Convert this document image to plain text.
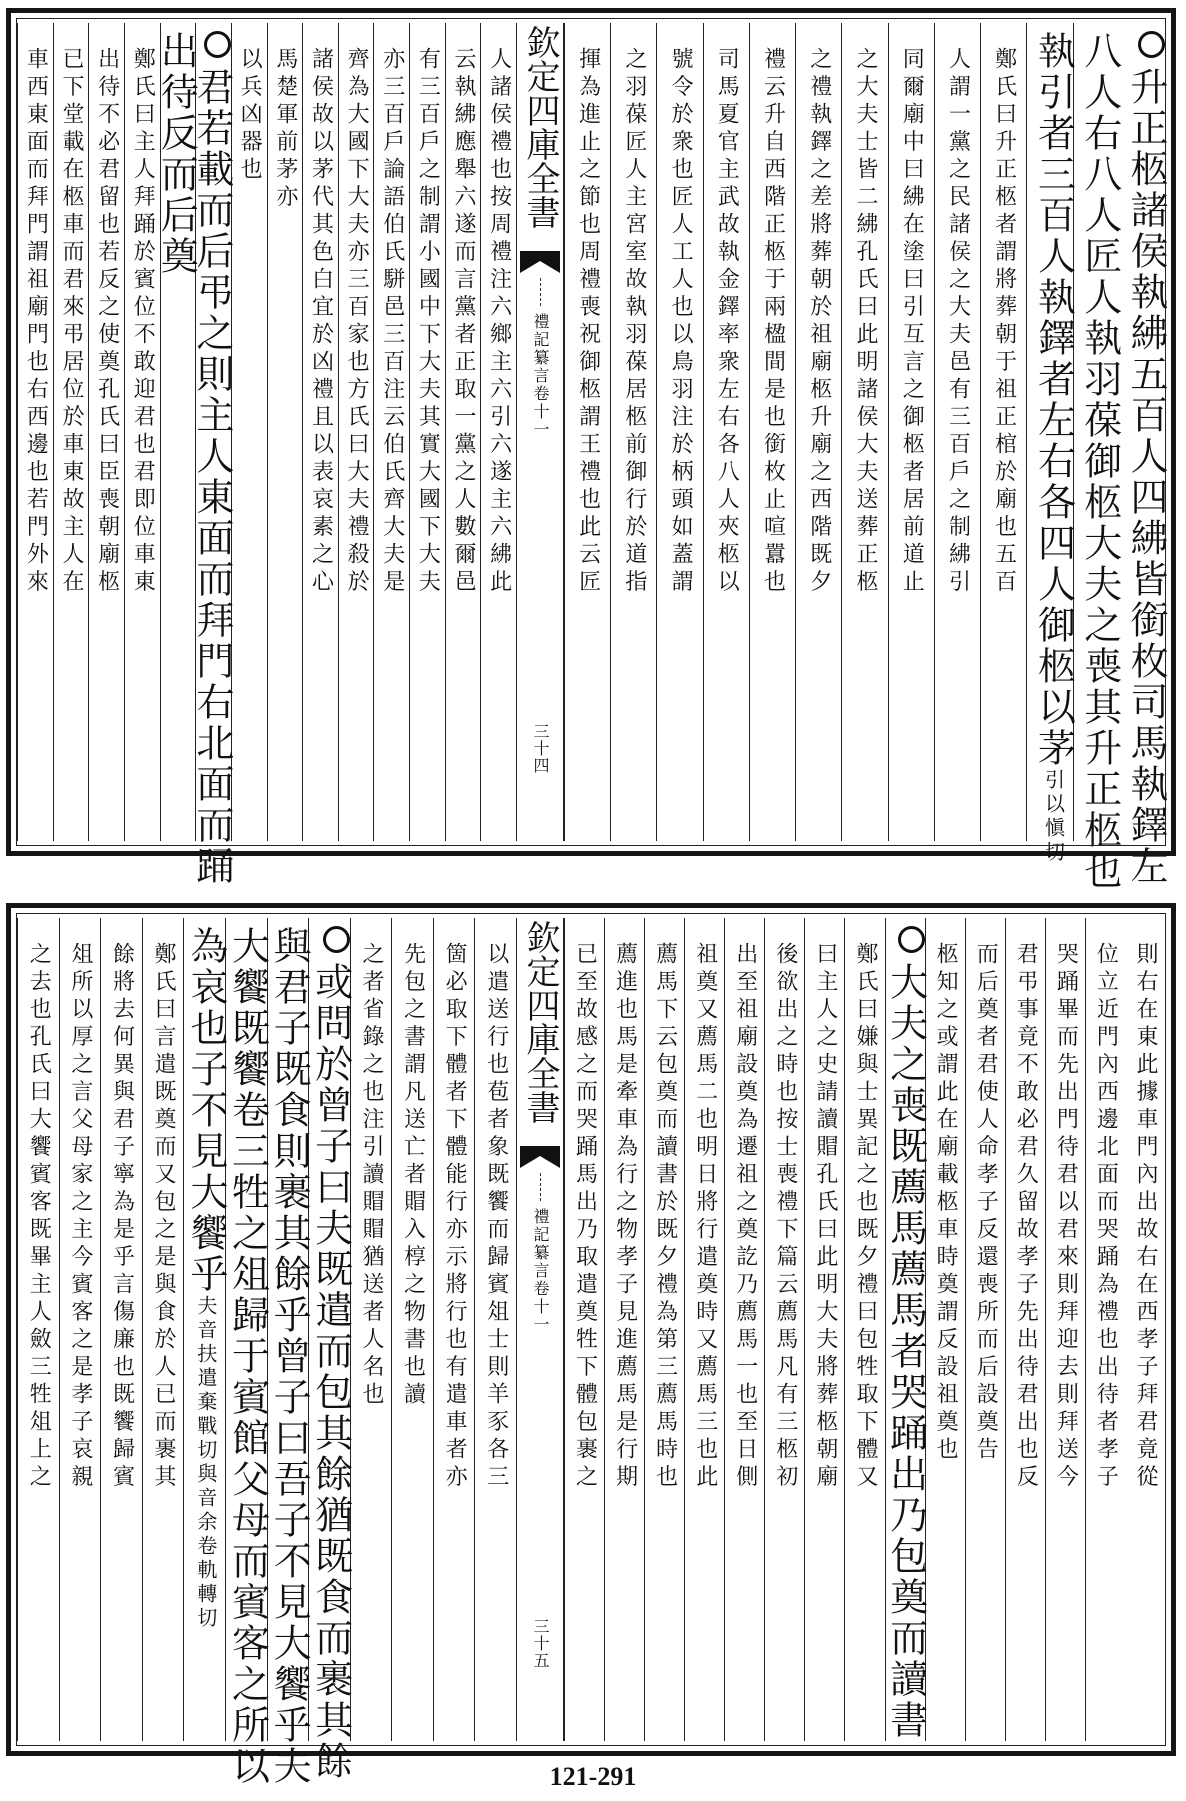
升正柩諸侯執紼五百人四紼皆銜枚司馬執鐸左
八人右八人匠人執羽葆御柩大夫之喪其升正柩也
執引者三百人執鐸者左右各四人御柩以茅引以愼切
鄭氏曰升正柩者謂將葬朝于祖正棺於廟也五百
人謂一黨之民諸侯之大夫邑有三百戶之制紼引
同爾廟中曰紼在塗曰引互言之御柩者居前道止
之大夫士皆二紼孔氏曰此明諸侯大夫送葬正柩
之禮執鐸之差將葬朝於祖廟柩升廟之西階既夕
禮云升自西階正柩于兩楹間是也銜枚止喧囂也
司馬夏官主武故執金鐸率衆左右各八人夾柩以
號令於衆也匠人工人也以鳥羽注於柄頭如蓋謂
之羽葆匠人主宮室故執羽葆居柩前御行於道指
揮為進止之節也周禮喪祝御柩謂王禮也此云匠
人諸侯禮也按周禮注六鄉主六引六遂主六紼此
云執紼應舉六遂而言黨者正取一黨之人數爾邑
有三百戶之制謂小國中下大夫其實大國下大夫
亦三百戶論語伯氏駢邑三百注云伯氏齊大夫是
齊為大國下大夫亦三百家也方氏曰大夫禮殺於
諸侯故以茅代其色白宜於凶禮且以表哀素之心
馬楚軍前茅亦
以兵凶器也
君若載而后弔之則主人東面而拜門右北面而踊
出待反而后奠
鄭氏曰主人拜踊於賓位不敢迎君也君即位車東
出待不必君留也若反之使奠孔氏曰臣喪朝廟柩
已下堂載在柩車而君來弔居位於車東故主人在
車西東面而拜門謂祖廟門也右西邊也若門外來	欽定四庫全書
禮記纂言卷十一
三十四
則右在東此據車門內出故右在西孝子拜君竟從
位立近門內西邊北面而哭踊為禮也出待者孝子
哭踊畢而先出門待君以君來則拜迎去則拜送今
君弔事竟不敢必君久留故孝子先出待君出也反
而后奠者君使人命孝子反還喪所而后設奠告
柩知之或謂此在廟載柩車時奠謂反設祖奠也
大夫之喪既薦馬薦馬者哭踊出乃包奠而讀書
鄭氏曰嫌與士異記之也既夕禮曰包牲取下體又
曰主人之史請讀賵孔氏曰此明大夫將葬柩朝廟
後欲出之時也按士喪禮下篇云薦馬凡有三柩初
出至祖廟設奠為遷祖之奠訖乃薦馬一也至日側
祖奠又薦馬二也明日將行遣奠時又薦馬三也此
薦馬下云包奠而讀書於既夕禮為第三薦馬時也
薦進也馬是牽車為行之物孝子見進薦馬是行期
已至故感之而哭踊馬出乃取遣奠牲下體包裹之
以遣送行也苞者象既饗而歸賓俎士則羊豕各三
箇必取下體者下體能行亦示將行也有遣車者亦
先包之書謂凡送亡者賵入椁之物書也讀
之者省錄之也注引讀賵賵猶送者人名也
或問於曾子曰夫既遣而包其餘猶既食而裹其餘
與君子既食則裹其餘乎曾子曰吾子不見大饗乎夫
大饗既饗卷三牲之俎歸于賓館父母而賓客之所以
為哀也子不見大饗乎夫音扶遣棄戰切與音余卷軌轉切
鄭氏曰言遣既奠而又包之是與食於人已而裹其
餘將去何異與君子寧為是乎言傷廉也既饗歸賓
俎所以厚之言父母家之主今賓客之是孝子哀親
之去也孔氏曰大饗賓客既畢主人斂三牲俎上之	欽定四庫全書
禮記纂言卷十一
三十五
121-291
